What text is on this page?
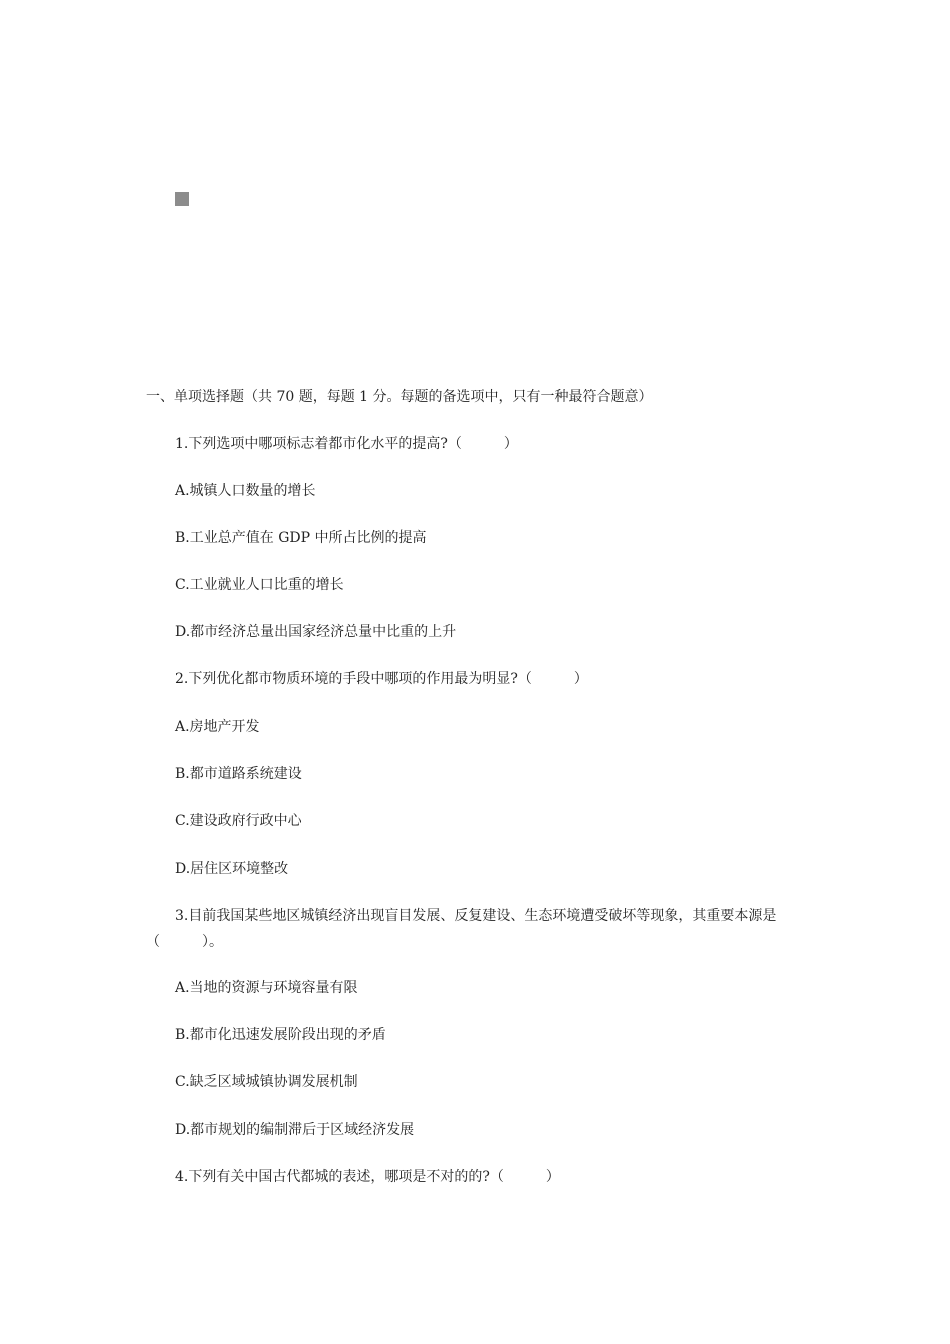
一、单项选择题（共 70 题，每题 1 分。每题的备选项中，只有一种最符合题意）
1.下列选项中哪项标志着都市化水平的提高?（　　　）
A.城镇人口数量的增长
B.工业总产值在 GDP 中所占比例的提高
C.工业就业人口比重的增长
D.都市经济总量出国家经济总量中比重的上升
2.下列优化都市物质环境的手段中哪项的作用最为明显?（　　　）
A.房地产开发
B.都市道路系统建设
C.建设政府行政中心
D.居住区环境整改
3.目前我国某些地区城镇经济出现盲目发展、反复建设、生态环境遭受破坏等现象，其重要本源是（　　　）。
A.当地的资源与环境容量有限
B.都市化迅速发展阶段出现的矛盾
C.缺乏区域城镇协调发展机制
D.都市规划的编制滞后于区域经济发展
4.下列有关中国古代都城的表述，哪项是不对的的?（　　　）
